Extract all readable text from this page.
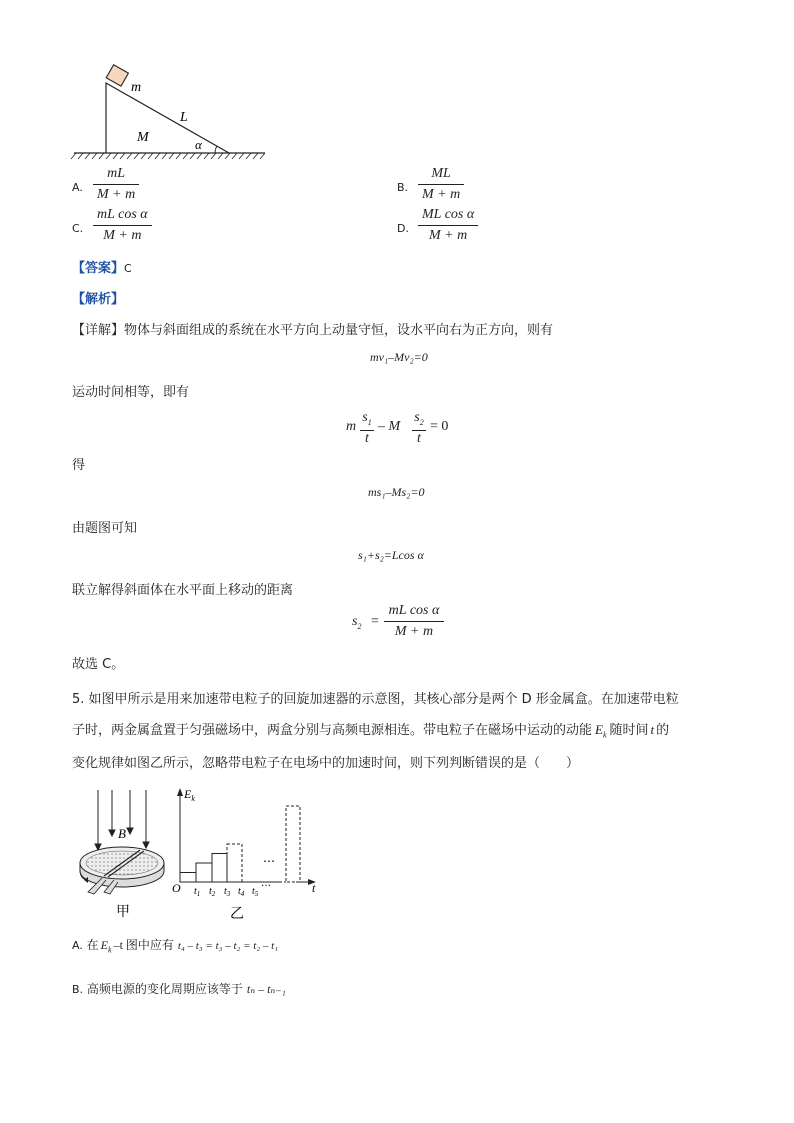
m
L
M	α
A.
mL
M + m	B.
ML
M + m
C.
mL cos α
M + m	D.
ML cos α
M + m
【答案】C
【解析】
【详解】物体与斜面组成的系统在水平方向上动量守恒，设水平向右为正方向，则有
mv₁–Mv₂=0
运动时间相等，即有
m
$s_1$
t
– M
$s_2$
t
= 0
得
ms₁–Ms₂=0
由题图可知
s₁+s₂=Lcos α
联立解得斜面体在水平面上移动的距离
$s_2$ =
mL cos α
M + m
故选 C。
5. 如图甲所示是用来加速带电粒子的回旋加速器的示意图，其核心部分是两个 D 形金属盒。在加速带电粒
子时，两金属盒置于匀强磁场中，两盒分别与高频电源相连。带电粒子在磁场中运动的动能 $E_k$ 随时间 t 的
变化规律如图乙所示，忽略带电粒子在电场中的加速时间，则下列判断错误的是（　　）
B
甲
$E_k$
O	t
…
…
$t_1$ $t_2$ $t_3$ $t_4$ $t_5$
乙
A. 在 $E_k$ –t 图中应有 t₄ – t₃ = t₃ – t₂ = t₂ – t₁
B. 高频电源的变化周期应该等于 tₙ – tₙ₋₁
